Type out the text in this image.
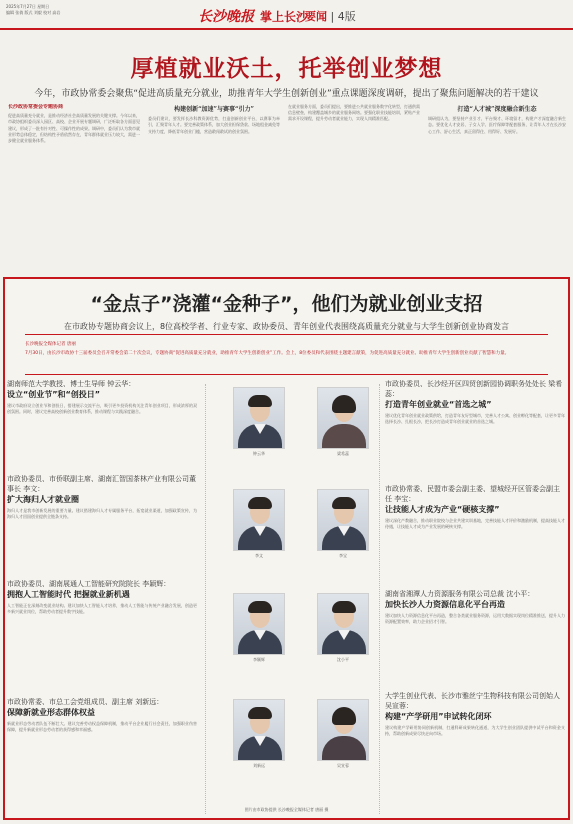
2025年7月27日 星期日
编辑 张倩 版式 刘毅 校对 高岩	长沙晚报 掌上长沙
要闻 | 4版
厚植就业沃土，托举创业梦想
今年，市政协常委会聚焦“促进高质量充分就业，助推青年大学生创新创业”重点课题深度调研，提出了聚焦问题解决的若干建议
长沙政协常委会专题协商
促进高质量充分就业，是推动经济社会高质量发展的关键支撑。今年以来，市政协组织委员深入园区、高校、企业开展专题调研，广泛听取各方面意见建议，形成了一批有针对性、可操作性的成果。调研中，委员们认为我市就业形势总体稳定，但结构性矛盾依然存在，青年群体就业压力较大，需进一步健全就业服务体系。
构建创新“加速”与赛事“引力”
委员们建议，要发挥长沙科教资源优势，打造创新创业平台，以赛事为牵引，汇聚青年人才。要完善政策体系，加大创业担保贷款、场地租金减免等支持力度，降低青年创业门槛，营造敢闯敢试的创业氛围。
在就业服务方面，委员们提出，要推进公共就业服务数字化转型，打通供需信息壁垒，构建覆盖城乡的就业服务网络。要强化职业技能培训，紧贴产业需求开设课程，提升劳动者就业能力，实现人岗精准匹配。
打造“人才城”深度融合新生态
调研组认为，要坚持产业引才、平台聚才、环境留才，构建产才深度融合新生态。要优化人才安居、子女入学、医疗保障等配套服务，让青年人才在长沙安心工作、舒心生活，真正留得住、用得好、发展好。
“金点子”浇灌“金种子”，他们为就业创业支招
在市政协专题协商会议上，8位高校学者、行业专家、政协委员、青年创业代表围绕高质量充分就业与大学生创新创业协商发言
长沙晚报全媒体记者 唐丽
7月30日，由长沙市政协十三届委员会召开常委会第二十次会议，专题协商“促进高质量充分就业，助推青年大学生创新创业”工作。会上，8位委员和代表围绕主题建言献策，为促进高质量充分就业、助推青年大学生创新创业贡献了智慧和力量。
湖南师范大学教授、博士生导师 钟云华：
设立“创业节”和“创投日”
建议市政府设立创业节和创投日，搭建展示交流平台，吸引更多投资机构关注青年创业项目，形成浓厚的双创氛围。同时，建议完善高校创新创业教育体系，推动课程与实践深度融合。
市政协委员、市侨联副主席、湖南汇智国茶林产业有限公司董事长 李文：
扩大海归人才就业圈
海归人才是我市创新发展的重要力量。建议搭建海归人才专属服务平台，拓宽就业渠道，加强政策宣传，为海归人才回国创业提供全链条支持。
市政协委员、湖南展通人工智能研究院院长 李颖辉：
拥抱人工智能时代 把握就业新机遇
人工智能正在深刻改变就业结构。建议加快人工智能人才培养，推动人工智能与传统产业融合发展，创造更多新兴就业岗位，帮助劳动者提升数字技能。
市政协常委、市总工会党组成员、副主席 刘新远：
保障新就业形态群体权益
新就业形态劳动者队伍不断壮大。建议完善劳动权益保障机制，推动平台企业履行社会责任，加强职业伤害保障，提升新就业形态劳动者的获得感和幸福感。
钟云华	梁希蕊
李文	李宝
李颖辉	沈小平
刘新远	吴宣蓉
市政协委员、长沙经开区四贸创新园协调职务处处长 梁希蕊：
打造青年创业就业“首选之城”
建议优化青年创业就业政策供给，打造青年友好型城市，完善人才公寓、创业孵化等配套，让更多青年选择长沙、扎根长沙，把长沙打造成青年创业就业的首选之城。
市政协常委、民盟市委会副主委、望城经开区管委会副主任 李宝：
让技能人才成为产业“硬核支撑”
建议深化产教融合，推动职业院校与企业共建实训基地，完善技能人才评价和激励机制，提高技能人才待遇，让技能人才成为产业发展的硬核支撑。
湖南省湘潭人力资源服务有限公司总裁 沈小平：
加快长沙人力资源信息化平台再造
建议加快人力资源信息化平台再造，整合各类就业服务资源，运用大数据实现岗位精准推送，提升人力资源配置效率，助力企业招才引智。
大学生创业代表、长沙市雅丝宁生物科技有限公司创始人 吴宣蓉：
构建“产学研用”申试转化闭环
建议构建产学研用协同创新机制，打通科研成果转化通道，为大学生创业团队提供中试平台和资金支持，帮助创新成果尽快走向市场。
图片由市政协提供 长沙晚报全媒体记者 唐丽 摄
